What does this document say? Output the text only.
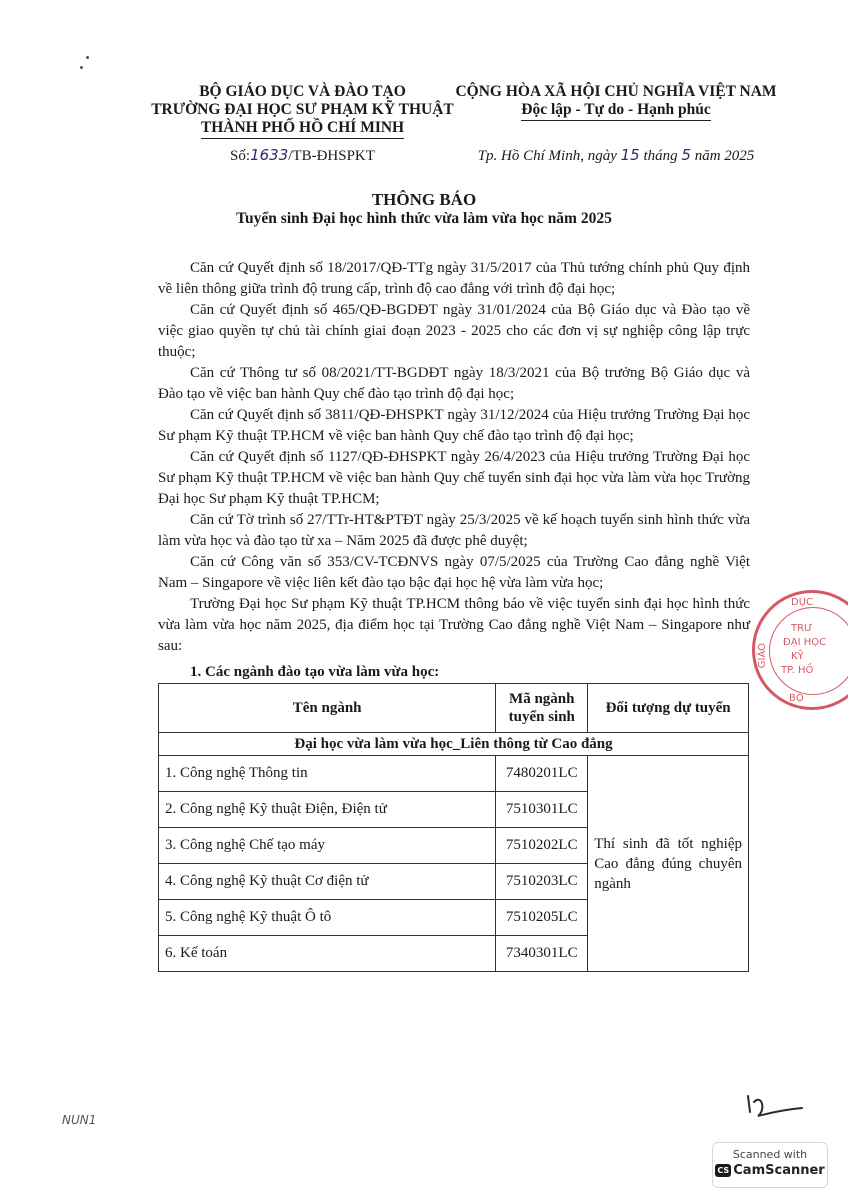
BỘ GIÁO DỤC VÀ ĐÀO TẠO
TRƯỜNG ĐẠI HỌC SƯ PHẠM KỸ THUẬT
THÀNH PHỐ HỒ CHÍ MINH
Số:1633/TB-ĐHSPKT
CỘNG HÒA XÃ HỘI CHỦ NGHĨA VIỆT NAM
Độc lập - Tự do - Hạnh phúc
Tp. Hồ Chí Minh, ngày 15 tháng 5 năm 2025
THÔNG BÁO
Tuyển sinh Đại học hình thức vừa làm vừa học năm 2025

Căn cứ Quyết định số 18/2017/QĐ-TTg ngày 31/5/2017 của Thủ tướng chính phủ Quy định về liên thông giữa trình độ trung cấp, trình độ cao đẳng với trình độ đại học;

Căn cứ Quyết định số 465/QĐ-BGDĐT ngày 31/01/2024 của Bộ Giáo dục và Đào tạo về việc giao quyền tự chủ tài chính giai đoạn 2023 - 2025 cho các đơn vị sự nghiệp công lập trực thuộc;

Căn cứ Thông tư số 08/2021/TT-BGDĐT ngày 18/3/2021 của Bộ trưởng Bộ Giáo dục và Đào tạo về việc ban hành Quy chế đào tạo trình độ đại học;

Căn cứ Quyết định số 3811/QĐ-ĐHSPKT ngày 31/12/2024 của Hiệu trưởng Trường Đại học Sư phạm Kỹ thuật TP.HCM về việc ban hành Quy chế đào tạo trình độ đại học;

Căn cứ Quyết định số 1127/QĐ-ĐHSPKT ngày 26/4/2023 của Hiệu trưởng Trường Đại học Sư phạm Kỹ thuật TP.HCM về việc ban hành Quy chế tuyển sinh đại học vừa làm vừa học Trường Đại học Sư phạm Kỹ thuật TP.HCM;

Căn cứ Tờ trình số 27/TTr-HT&PTĐT ngày 25/3/2025 về kế hoạch tuyển sinh hình thức vừa làm vừa học và đào tạo từ xa – Năm 2025 đã được phê duyệt;

Căn cứ Công văn số 353/CV-TCĐNVS ngày 07/5/2025 của Trường Cao đẳng nghề Việt Nam – Singapore về việc liên kết đào tạo bậc đại học hệ vừa làm vừa học;

Trường Đại học Sư phạm Kỹ thuật TP.HCM thông báo về việc tuyển sinh đại học hình thức vừa làm vừa học năm 2025, địa điểm học tại Trường Cao đẳng nghề Việt Nam – Singapore như sau:

1. Các ngành đào tạo vừa làm vừa học:
Tên ngành	Mã ngành tuyển sinh	Đối tượng dự tuyển
Đại học vừa làm vừa học_Liên thông từ Cao đẳng		
1. Công nghệ Thông tin	7480201LC	Thí sinh đã tốt nghiệp Cao đẳng đúng chuyên ngành
2. Công nghệ Kỹ thuật Điện, Điện tử	7510301LC	
3. Công nghệ Chế tạo máy	7510202LC	
4. Công nghệ Kỹ thuật Cơ điện tử	7510203LC	
5. Công nghệ Kỹ thuật Ô tô	7510205LC	
6. Kế toán	7340301LC	
DỤC
GIÁO
TRƯ
ĐẠI HỌC
KỸ
TP. HỒ
BỘ
NUN1
Scanned with
CS CamScanner
